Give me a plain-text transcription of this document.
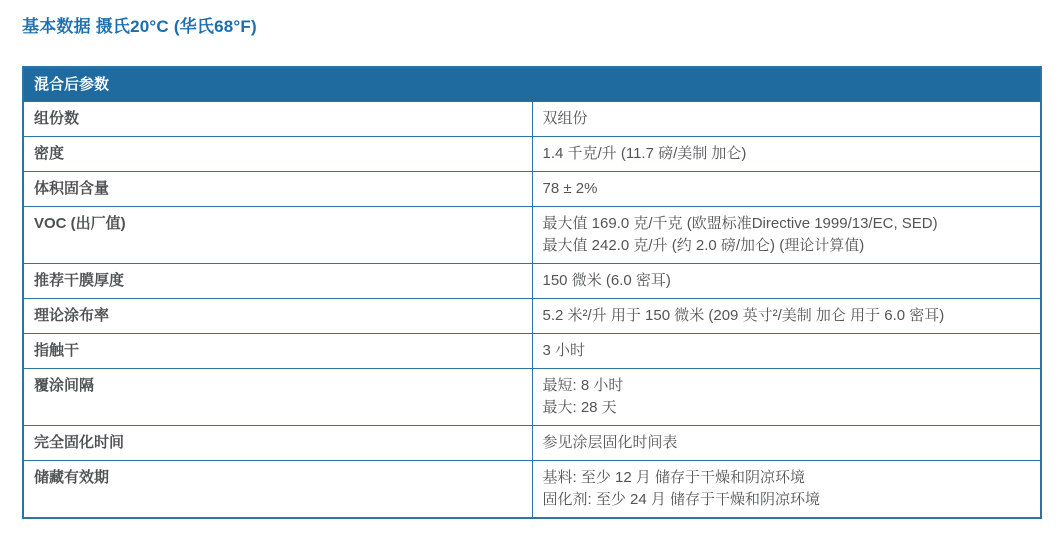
基本数据 摄氏20°C (华氏68°F)
混合后参数	
组份数	双组份
密度	1.4 千克/升 (11.7 磅/美制 加仑)
体积固含量	78 ± 2%
VOC (出厂值)	最大值 169.0 克/千克 (欧盟标准Directive 1999/13/EC, SED)
最大值 242.0 克/升 (约 2.0 磅/加仑) (理论计算值)
推荐干膜厚度	150 微米 (6.0 密耳)
理论涂布率	5.2 米²/升 用于 150 微米 (209 英寸²/美制 加仑 用于 6.0 密耳)
指触干	3 小时
覆涂间隔	最短: 8 小时
最大: 28 天
完全固化时间	参见涂层固化时间表
储藏有效期	基料: 至少 12 月 储存于干燥和阴凉环境
固化剂: 至少 24 月 储存于干燥和阴凉环境
